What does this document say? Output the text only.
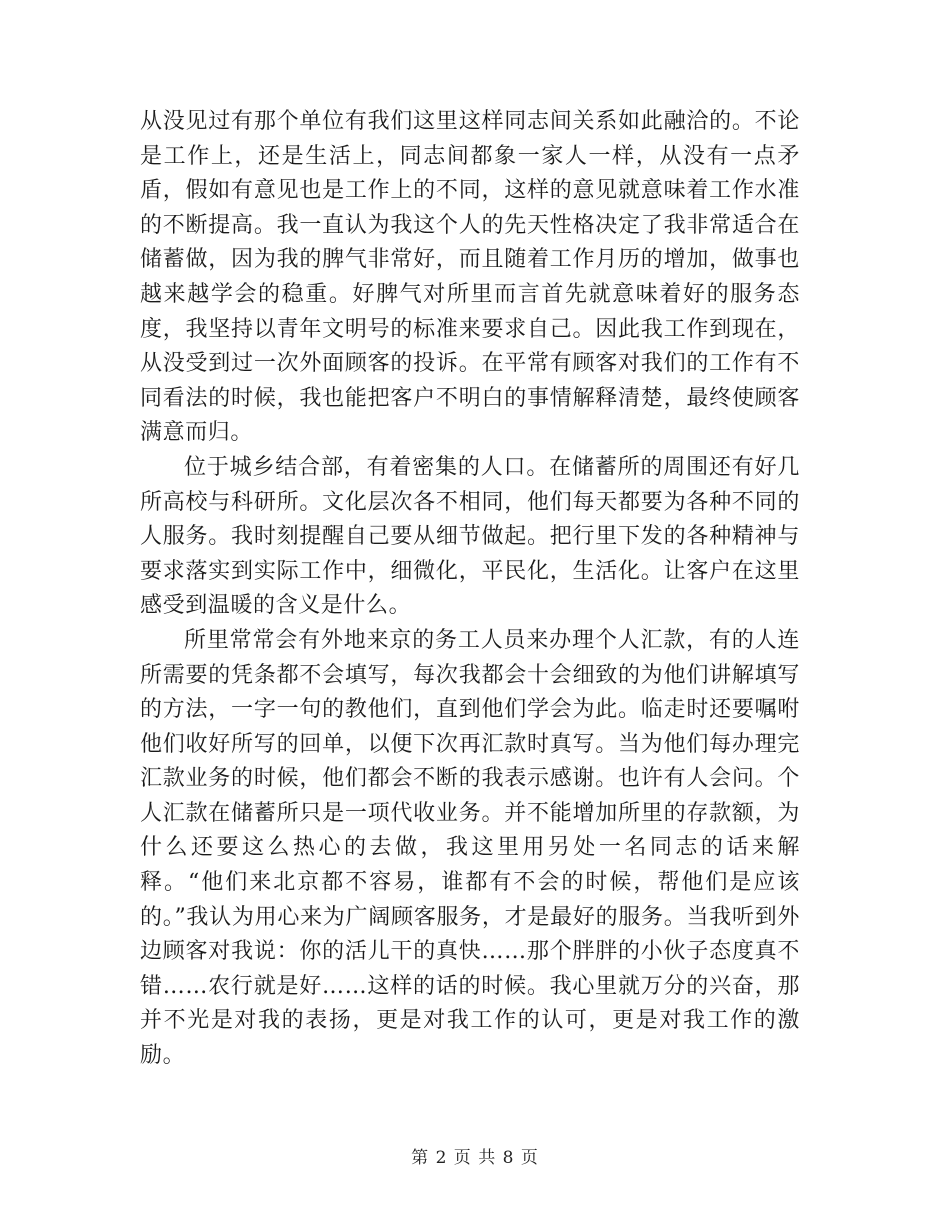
从没见过有那个单位有我们这里这样同志间关系如此融洽的。不论是工作上，还是生活上，同志间都象一家人一样，从没有一点矛盾，假如有意见也是工作上的不同，这样的意见就意味着工作水准的不断提高。我一直认为我这个人的先天性格决定了我非常适合在储蓄做，因为我的脾气非常好，而且随着工作月历的增加，做事也越来越学会的稳重。好脾气对所里而言首先就意味着好的服务态度，我坚持以青年文明号的标准来要求自己。因此我工作到现在，从没受到过一次外面顾客的投诉。在平常有顾客对我们的工作有不同看法的时候，我也能把客户不明白的事情解释清楚，最终使顾客满意而归。

位于城乡结合部，有着密集的人口。在储蓄所的周围还有好几所高校与科研所。文化层次各不相同，他们每天都要为各种不同的人服务。我时刻提醒自己要从细节做起。把行里下发的各种精神与要求落实到实际工作中，细微化，平民化，生活化。让客户在这里感受到温暖的含义是什么。

所里常常会有外地来京的务工人员来办理个人汇款，有的人连所需要的凭条都不会填写，每次我都会十会细致的为他们讲解填写的方法，一字一句的教他们，直到他们学会为此。临走时还要嘱咐他们收好所写的回单，以便下次再汇款时真写。当为他们每办理完汇款业务的时候，他们都会不断的我表示感谢。也许有人会问。个人汇款在储蓄所只是一项代收业务。并不能增加所里的存款额，为什么还要这么热心的去做，我这里用另处一名同志的话来解释。“他们来北京都不容易，谁都有不会的时候，帮他们是应该的。”我认为用心来为广阔顾客服务，才是最好的服务。当我听到外边顾客对我说：你的活儿干的真快……那个胖胖的小伙子态度真不错……农行就是好……这样的话的时候。我心里就万分的兴奋，那并不光是对我的表扬，更是对我工作的认可，更是对我工作的激励。

第 2 页 共 8 页
